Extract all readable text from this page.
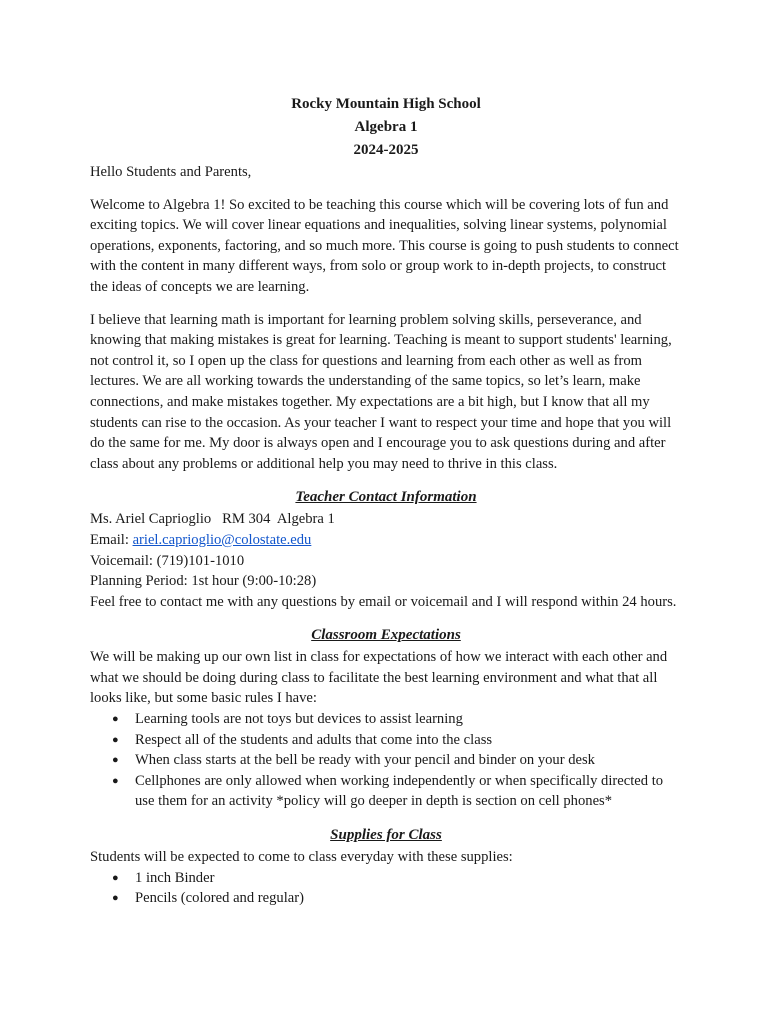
Rocky Mountain High School
Algebra 1
2024-2025

Hello Students and Parents,

Welcome to Algebra 1! So excited to be teaching this course which will be covering lots of fun and exciting topics. We will cover linear equations and inequalities, solving linear systems, polynomial operations, exponents, factoring, and so much more. This course is going to push students to connect with the content in many different ways, from solo or group work to in-depth projects, to construct the ideas of concepts we are learning.

I believe that learning math is important for learning problem solving skills, perseverance, and knowing that making mistakes is great for learning. Teaching is meant to support students' learning, not control it, so I open up the class for questions and learning from each other as well as from lectures. We are all working towards the understanding of the same topics, so let’s learn, make connections, and make mistakes together. My expectations are a bit high, but I know that all my students can rise to the occasion. As your teacher I want to respect your time and hope that you will do the same for me. My door is always open and I encourage you to ask questions during and after class about any problems or additional help you may need to thrive in this class.

Teacher Contact Information
Ms. Ariel Caprioglio   RM 304  Algebra 1
Email: ariel.caprioglio@colostate.edu
Voicemail: (719)101-1010
Planning Period: 1st hour (9:00-10:28)

Feel free to contact me with any questions by email or voicemail and I will respond within 24 hours.

Classroom Expectations

We will be making up our own list in class for expectations of how we interact with each other and what we should be doing during class to facilitate the best learning environment and what that all looks like, but some basic rules I have:

● Learning tools are not toys but devices to assist learning
● Respect all of the students and adults that come into the class
● When class starts at the bell be ready with your pencil and binder on your desk
● Cellphones are only allowed when working independently or when specifically directed to use them for an activity *policy will go deeper in depth is section on cell phones*
Supplies for Class

Students will be expected to come to class everyday with these supplies:

● 1 inch Binder
● Pencils (colored and regular)
